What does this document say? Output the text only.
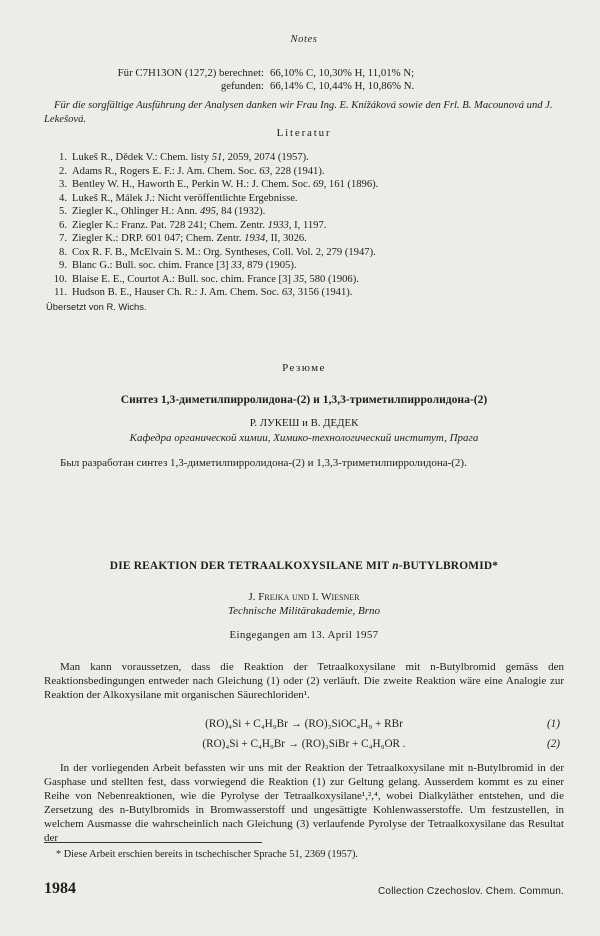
Notes
Für C7H13ON (127,2) berechnet: 66,10% C, 10,30% H, 11,01% N;
gefunden: 66,14% C, 10,44% H, 10,86% N.
Für die sorgfältige Ausführung der Analysen danken wir Frau Ing. E. Knížáková sowie den Frl. B. Macounová und J. Lekešová.
Literatur
1. Lukeš R., Dědek V.: Chem. listy 51, 2059, 2074 (1957).
2. Adams R., Rogers E. F.: J. Am. Chem. Soc. 63, 228 (1941).
3. Bentley W. H., Haworth E., Perkin W. H.: J. Chem. Soc. 69, 161 (1896).
4. Lukeš R., Málek J.: Nicht veröffentlichte Ergebnisse.
5. Ziegler K., Ohlinger H.: Ann. 495, 84 (1932).
6. Ziegler K.: Franz. Pat. 728 241; Chem. Zentr. 1933, I, 1197.
7. Ziegler K.: DRP. 601 047; Chem. Zentr. 1934, II, 3026.
8. Cox R. F. B., McElvain S. M.: Org. Syntheses, Coll. Vol. 2, 279 (1947).
9. Blanc G.: Bull. soc. chim. France [3] 33, 879 (1905).
10. Blaise E. E., Courtot A.: Bull. soc. chim. France [3] 35, 580 (1906).
11. Hudson B. E., Hauser Ch. R.: J. Am. Chem. Soc. 63, 3156 (1941).
Übersetzt von R. Wichs.
Резюме
Синтез 1,3-диметилпирролидона-(2) и 1,3,3-триметилпирролидона-(2)
Р. ЛУКЕШ и В. ДЕДЕК
Кафедра органической химии, Химико-технологический институт, Прага
Был разработан синтез 1,3-диметилпирролидона-(2) и 1,3,3-триметилпирролидона-(2).
DIE REAKTION DER TETRAALKOXYSILANE MIT n-BUTYLBROMID*
J. Frejka und I. Wiesner
Technische Militärakademie, Brno
Eingegangen am 13. April 1957
Man kann voraussetzen, dass die Reaktion der Tetraalkoxysilane mit n-Butylbromid gemäss den Reaktionsbedingungen entweder nach Gleichung (1) oder (2) verläuft. Die zweite Reaktion wäre eine Analogie zur Reaktion der Alkoxysilane mit organischen Säurechloriden¹.
(RO)₄Si + C₄H₉Br → (RO)₃SiOC₄H₉ + RBr	(1)
(RO)₄Si + C₄H₉Br → (RO)₃SiBr + C₄H₉OR .	(2)
In der vorliegenden Arbeit befassten wir uns mit der Reaktion der Tetraalkoxysilane mit n-Butylbromid in der Gasphase und stellten fest, dass vorwiegend die Reaktion (1) zur Geltung gelang. Ausserdem kommt es zu einer Reihe von Nebenreaktionen, wie die Pyrolyse der Tetraalkoxysilane¹,²,⁴, wobei Dialkyläther entstehen, und die Zersetzung des n-Butylbromids in Bromwasserstoff und ungesättigte Kohlenwasserstoffe. Um festzustellen, in welchem Ausmasse die wahrscheinlich nach Gleichung (3) verlaufende Pyrolyse der Tetraalkoxysilane das Resultat der
* Diese Arbeit erschien bereits in tschechischer Sprache 51, 2369 (1957).
1984	Collection Czechoslov. Chem. Commun.
